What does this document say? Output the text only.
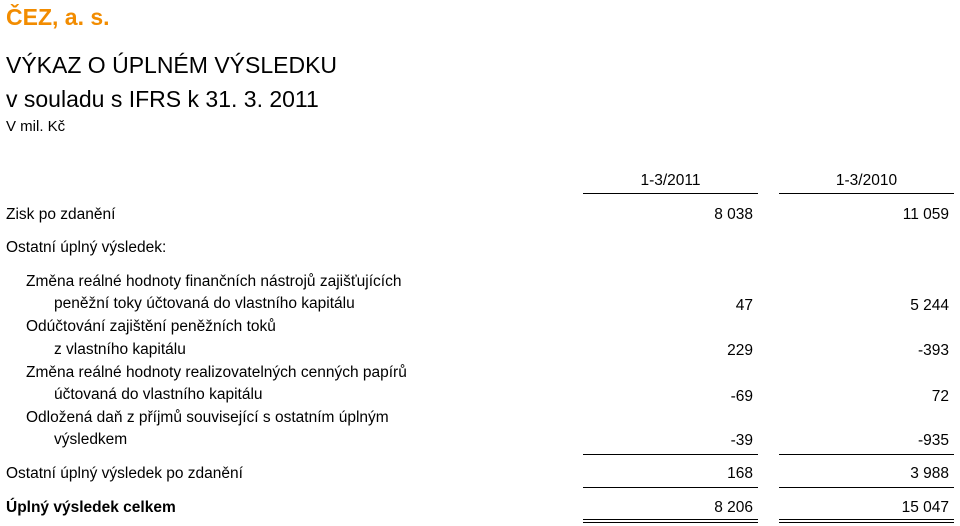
ČEZ, a. s.
VÝKAZ O ÚPLNÉM VÝSLEDKU
v souladu s IFRS k 31. 3. 2011
V mil. Kč
1-3/2011	1-3/2010
Zisk po zdanění	8 038	11 059
Ostatní úplný výsledek:
Změna reálné hodnoty finančních nástrojů zajišťujících
peněžní toky účtovaná do vlastního kapitálu	47	5 244
Odúčtování zajištění peněžních toků
z vlastního kapitálu	229	-393
Změna reálné hodnoty realizovatelných cenných papírů
účtovaná do vlastního kapitálu	-69	72
Odložená daň z příjmů související s ostatním úplným
výsledkem	-39	-935
Ostatní úplný výsledek po zdanění	168	3 988
Úplný výsledek celkem	8 206	15 047
